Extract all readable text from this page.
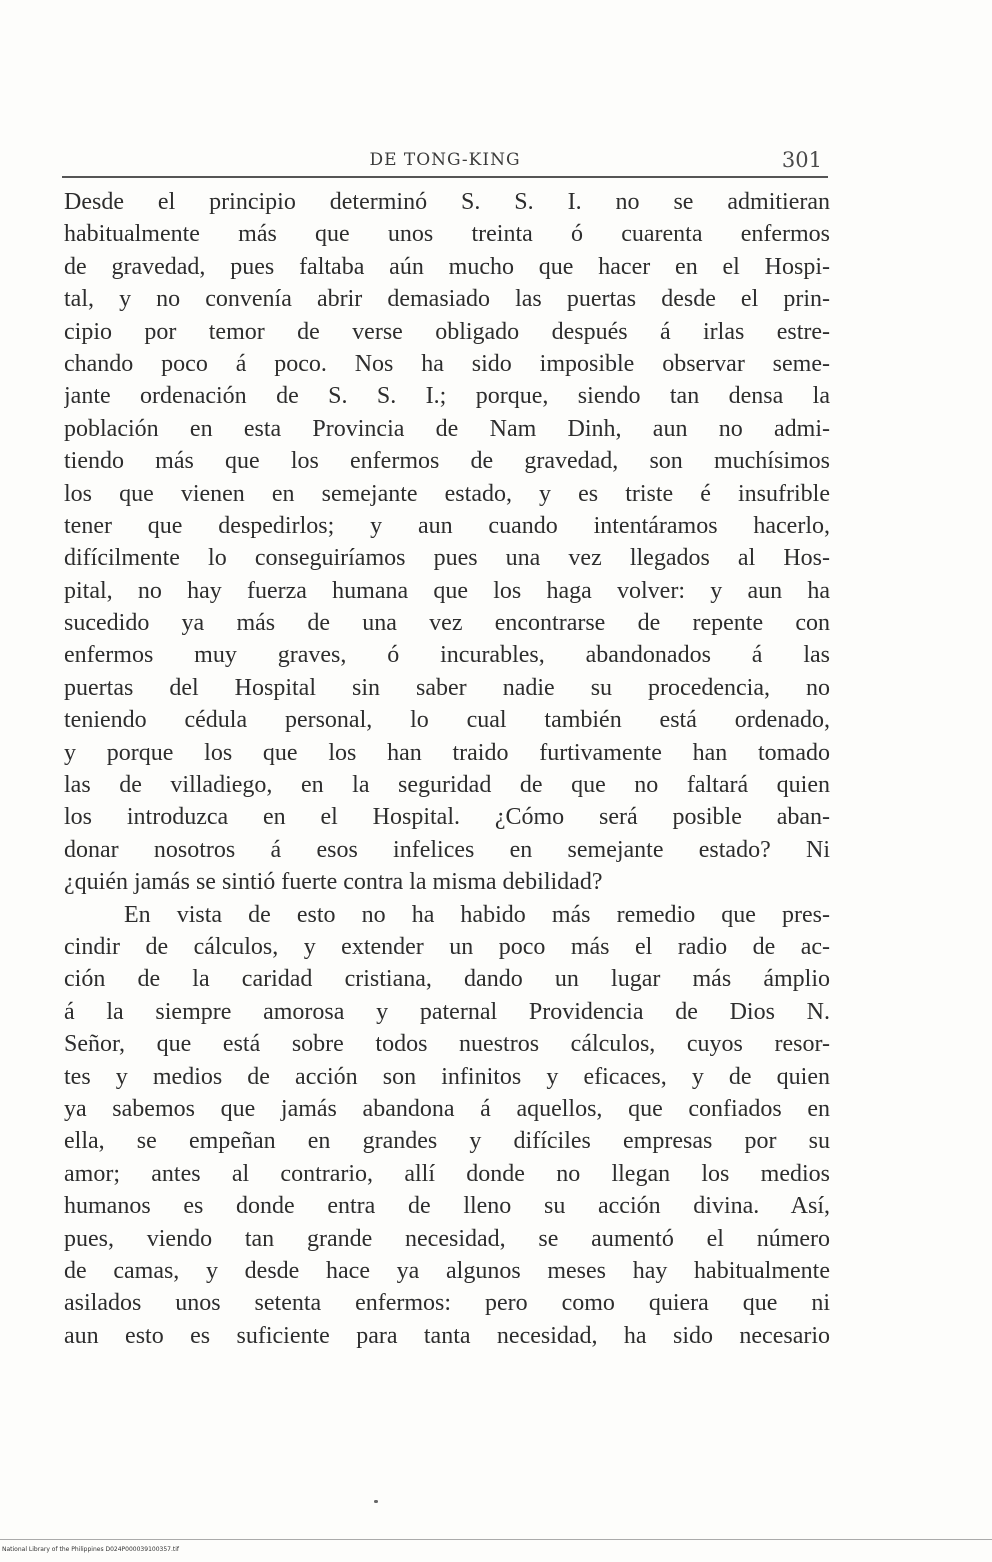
DE TONG-KING	301
Desde el principio determinó S. S. I. no se admitieran
habitualmente más que unos treinta ó cuarenta enfermos
de gravedad, pues faltaba aún mucho que hacer en el Hospi-
tal, y no convenía abrir demasiado las puertas desde el prin-
cipio por temor de verse obligado después á irlas estre-
chando poco á poco. Nos ha sido imposible observar seme-
jante ordenación de S. S. I.; porque, siendo tan densa la
población en esta Provincia de Nam Dinh, aun no admi-
tiendo más que los enfermos de gravedad, son muchísimos
los que vienen en semejante estado, y es triste é insufrible
tener que despedirlos; y aun cuando intentáramos hacerlo,
difícilmente lo conseguiríamos pues una vez llegados al Hos-
pital, no hay fuerza humana que los haga volver: y aun ha
sucedido ya más de una vez encontrarse de repente con
enfermos muy graves, ó incurables, abandonados á las
puertas del Hospital sin saber nadie su procedencia, no
teniendo cédula personal, lo cual también está ordenado,
y porque los que los han traido furtivamente han tomado
las de villadiego, en la seguridad de que no faltará quien
los introduzca en el Hospital. ¿Cómo será posible aban-
donar nosotros á esos infelices en semejante estado? Ni
¿quién jamás se sintió fuerte contra la misma debilidad?
En vista de esto no ha habido más remedio que pres-
cindir de cálculos, y extender un poco más el radio de ac-
ción de la caridad cristiana, dando un lugar más ámplio
á la siempre amorosa y paternal Providencia de Dios N.
Señor, que está sobre todos nuestros cálculos, cuyos resor-
tes y medios de acción son infinitos y eficaces, y de quien
ya sabemos que jamás abandona á aquellos, que confiados en
ella, se empeñan en grandes y difíciles empresas por su
amor; antes al contrario, allí donde no llegan los medios
humanos es donde entra de lleno su acción divina. Así,
pues, viendo tan grande necesidad, se aumentó el número
de camas, y desde hace ya algunos meses hay habitualmente
asilados unos setenta enfermos: pero como quiera que ni
aun esto es suficiente para tanta necesidad, ha sido necesario
National Library of the Philippines D024P000039100357.tif
